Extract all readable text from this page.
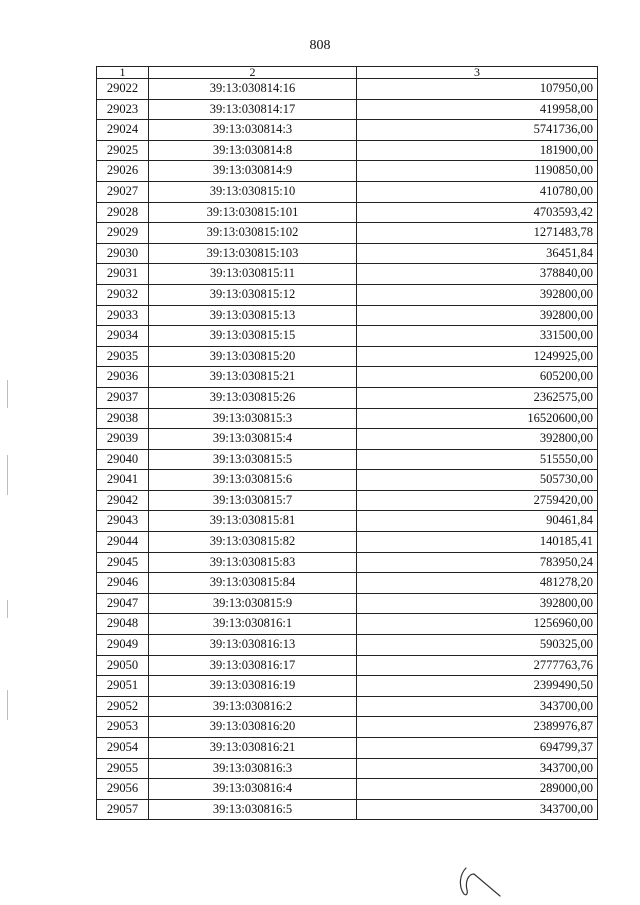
808
1	2	3
29022	39:13:030814:16	107950,00
29023	39:13:030814:17	419958,00
29024	39:13:030814:3	5741736,00
29025	39:13:030814:8	181900,00
29026	39:13:030814:9	1190850,00
29027	39:13:030815:10	410780,00
29028	39:13:030815:101	4703593,42
29029	39:13:030815:102	1271483,78
29030	39:13:030815:103	36451,84
29031	39:13:030815:11	378840,00
29032	39:13:030815:12	392800,00
29033	39:13:030815:13	392800,00
29034	39:13:030815:15	331500,00
29035	39:13:030815:20	1249925,00
29036	39:13:030815:21	605200,00
29037	39:13:030815:26	2362575,00
29038	39:13:030815:3	16520600,00
29039	39:13:030815:4	392800,00
29040	39:13:030815:5	515550,00
29041	39:13:030815:6	505730,00
29042	39:13:030815:7	2759420,00
29043	39:13:030815:81	90461,84
29044	39:13:030815:82	140185,41
29045	39:13:030815:83	783950,24
29046	39:13:030815:84	481278,20
29047	39:13:030815:9	392800,00
29048	39:13:030816:1	1256960,00
29049	39:13:030816:13	590325,00
29050	39:13:030816:17	2777763,76
29051	39:13:030816:19	2399490,50
29052	39:13:030816:2	343700,00
29053	39:13:030816:20	2389976,87
29054	39:13:030816:21	694799,37
29055	39:13:030816:3	343700,00
29056	39:13:030816:4	289000,00
29057	39:13:030816:5	343700,00
